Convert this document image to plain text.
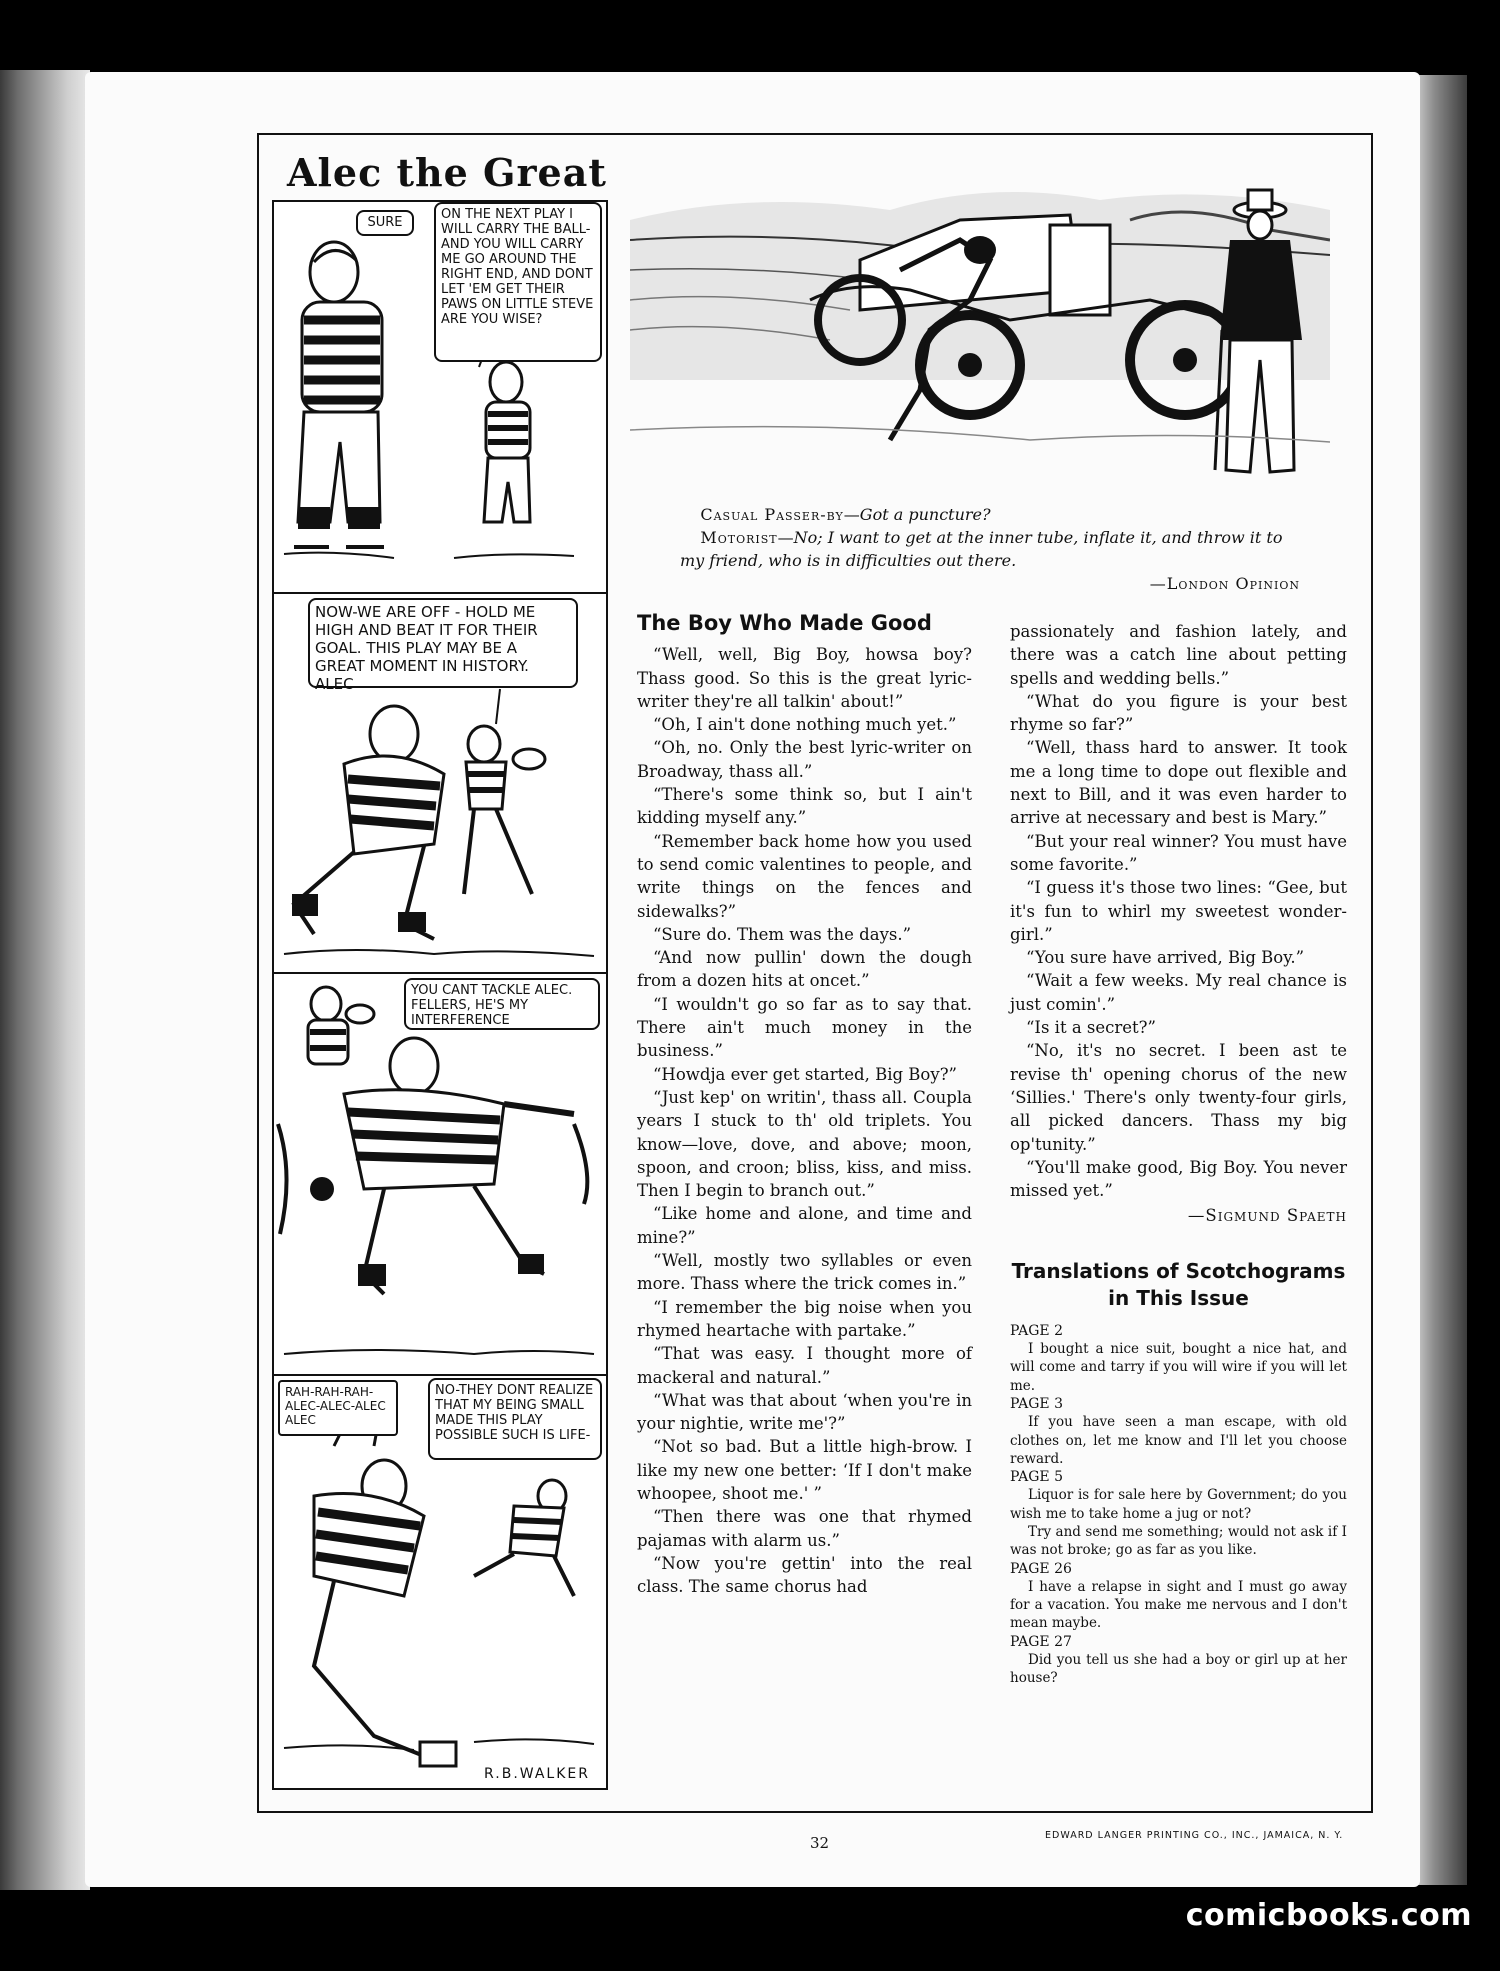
Alec the Great
SURE
ON THE NEXT PLAY I WILL CARRY THE BALL-AND YOU WILL CARRY ME GO AROUND THE RIGHT END, AND DONT LET 'EM GET THEIR PAWS ON LITTLE STEVE ARE YOU WISE?
NOW-WE ARE OFF - HOLD ME HIGH AND BEAT IT FOR THEIR GOAL. THIS PLAY MAY BE A GREAT MOMENT IN HISTORY. ALEC
YOU CANT TACKLE ALEC. FELLERS, HE'S MY INTERFERENCE
RAH-RAH-RAH- ALEC-ALEC-ALEC ALEC
NO-THEY DONT REALIZE THAT MY BEING SMALL MADE THIS PLAY POSSIBLE SUCH IS LIFE-
R.B.WALKER
Casual Passer-by—Got a puncture?
Motorist—No; I want to get at the inner tube, inflate it, and throw it to my friend, who is in difficulties out there.
—London Opinion
The Boy Who Made Good

“Well, well, Big Boy, howsa boy? Thass good. So this is the great lyric-writer they're all talkin' about!”

“Oh, I ain't done nothing much yet.”

“Oh, no. Only the best lyric-writer on Broadway, thass all.”

“There's some think so, but I ain't kidding myself any.”

“Remember back home how you used to send comic valentines to people, and write things on the fences and sidewalks?”

“Sure do. Them was the days.”

“And now pullin' down the dough from a dozen hits at oncet.”

“I wouldn't go so far as to say that. There ain't much money in the business.”

“Howdja ever get started, Big Boy?”

“Just kep' on writin', thass all. Coupla years I stuck to th' old triplets. You know—love, dove, and above; moon, spoon, and croon; bliss, kiss, and miss. Then I begin to branch out.”

“Like home and alone, and time and mine?”

“Well, mostly two syllables or even more. Thass where the trick comes in.”

“I remember the big noise when you rhymed heartache with partake.”

“That was easy. I thought more of mackeral and natural.”

“What was that about ‘when you're in your nightie, write me'?”

“Not so bad. But a little high-brow. I like my new one better: ‘If I don't make whoopee, shoot me.' ”

“Then there was one that rhymed pajamas with alarm us.”

“Now you're gettin' into the real class. The same chorus had

passionately and fashion lately, and there was a catch line about petting spells and wedding bells.”

“What do you figure is your best rhyme so far?”

“Well, thass hard to answer. It took me a long time to dope out flexible and next to Bill, and it was even harder to arrive at necessary and best is Mary.”

“But your real winner? You must have some favorite.”

“I guess it's those two lines: “Gee, but it's fun to whirl my sweetest wonder-girl.”

“You sure have arrived, Big Boy.”

“Wait a few weeks. My real chance is just comin'.”

“Is it a secret?”

“No, it's no secret. I been ast te revise th' opening chorus of the new ‘Sillies.' There's only twenty-four girls, all picked dancers. Thass my big op'tunity.”

“You'll make good, Big Boy. You never missed yet.”

—Sigmund Spaeth
Translations of Scotchograms in This Issue
PAGE 2

I bought a nice suit, bought a nice hat, and will come and tarry if you will wire if you will let me.

PAGE 3

If you have seen a man escape, with old clothes on, let me know and I'll let you choose reward.

PAGE 5

Liquor is for sale here by Government; do you wish me to take home a jug or not?

Try and send me something; would not ask if I was not broke; go as far as you like.

PAGE 26

I have a relapse in sight and I must go away for a vacation. You make me nervous and I don't mean maybe.

PAGE 27

Did you tell us she had a boy or girl up at her house?

32	EDWARD LANGER PRINTING CO., INC., JAMAICA, N. Y.
comicbooks.com
